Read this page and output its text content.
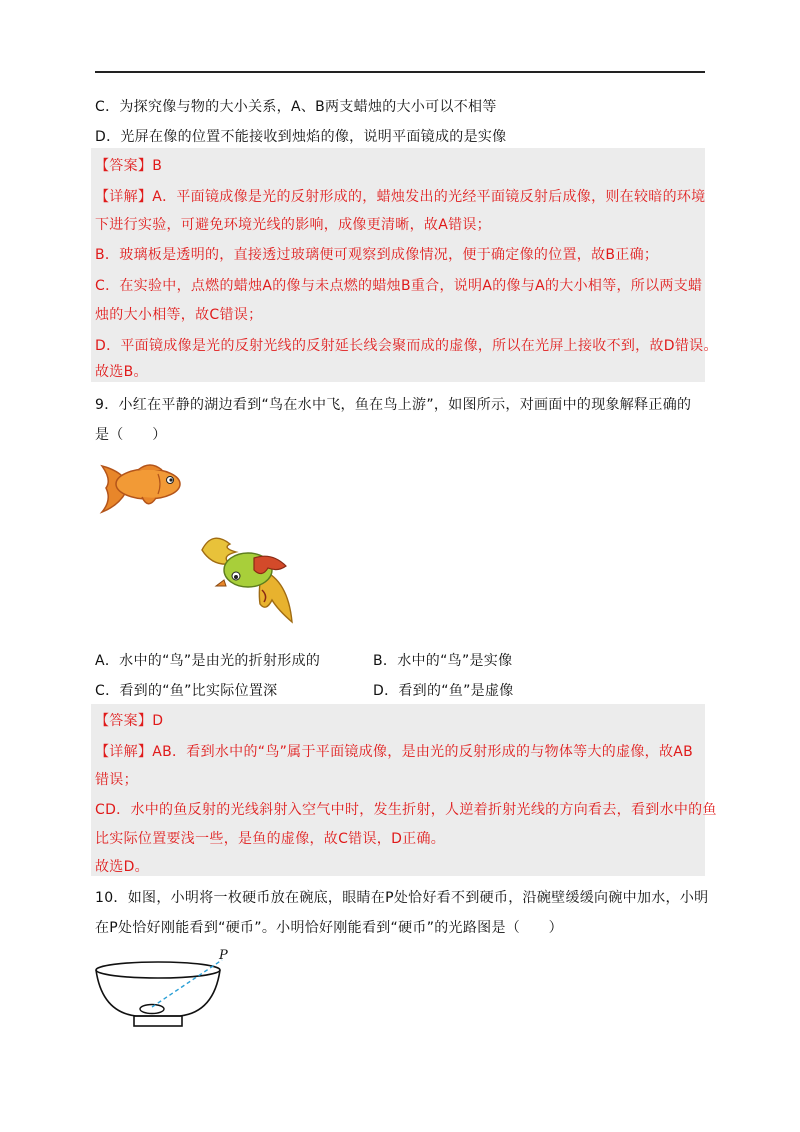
C．为探究像与物的大小关系，A、B两支蜡烛的大小可以不相等
D．光屏在像的位置不能接收到烛焰的像，说明平面镜成的是实像
【答案】B
【详解】A．平面镜成像是光的反射形成的，蜡烛发出的光经平面镜反射后成像，则在较暗的环境
下进行实验，可避免环境光线的影响，成像更清晰，故A错误；
B．玻璃板是透明的，直接透过玻璃便可观察到成像情况，便于确定像的位置，故B正确；
C．在实验中，点燃的蜡烛A的像与未点燃的蜡烛B重合，说明A的像与A的大小相等，所以两支蜡
烛的大小相等，故C错误；
D．平面镜成像是光的反射光线的反射延长线会聚而成的虚像，所以在光屏上接收不到，故D错误。
故选B。
9．小红在平静的湖边看到“鸟在水中飞，鱼在鸟上游”，如图所示，对画面中的现象解释正确的
是（　　）
A．水中的“鸟”是由光的折射形成的	B．水中的“鸟”是实像
C．看到的“鱼”比实际位置深	D．看到的“鱼”是虚像
【答案】D
【详解】AB．看到水中的“鸟”属于平面镜成像，是由光的反射形成的与物体等大的虚像，故AB
错误；
CD．水中的鱼反射的光线斜射入空气中时，发生折射，人逆着折射光线的方向看去，看到水中的鱼
比实际位置要浅一些，是鱼的虚像，故C错误，D正确。
故选D。
10．如图，小明将一枚硬币放在碗底，眼睛在P处恰好看不到硬币，沿碗壁缓缓向碗中加水，小明
在P处恰好刚能看到“硬币”。小明恰好刚能看到“硬币”的光路图是（　　）
P
